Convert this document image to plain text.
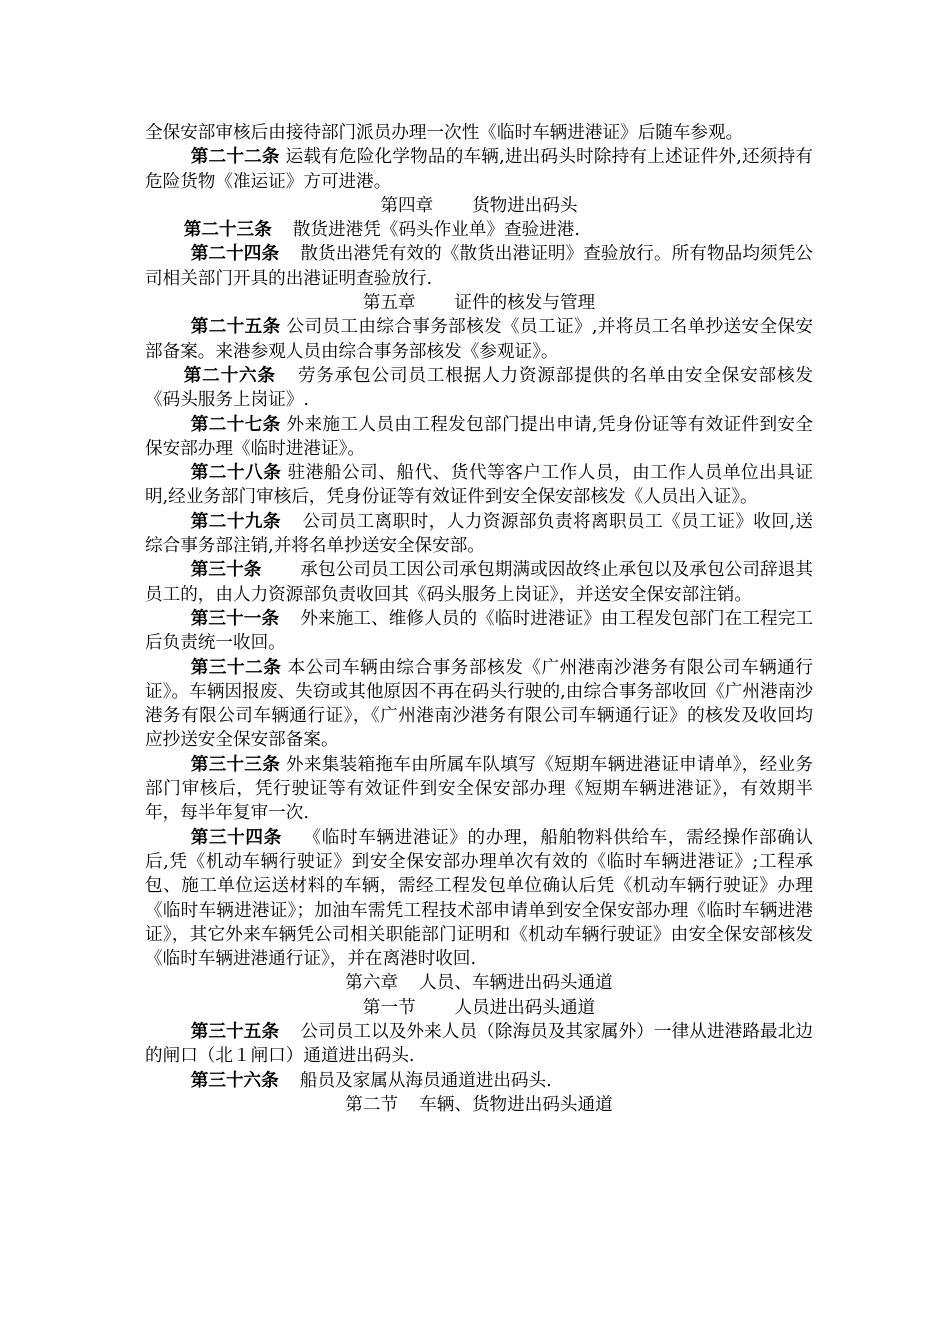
全保安部审核后由接待部门派员办理一次性《临时车辆进港证》后随车参观。

第二十二条 运载有危险化学物品的车辆,进出码头时除持有上述证件外,还须持有危险货物《准运证》方可进港。

第四章 货物进出码头

第二十三条 散货进港凭《码头作业单》查验进港.

第二十四条 散货出港凭有效的《散货出港证明》查验放行。所有物品均须凭公司相关部门开具的出港证明查验放行.

第五章 证件的核发与管理

第二十五条 公司员工由综合事务部核发《员工证》,并将员工名单抄送安全保安部备案。来港参观人员由综合事务部核发《参观证》。

第二十六条 劳务承包公司员工根据人力资源部提供的名单由安全保安部核发《码头服务上岗证》.

第二十七条 外来施工人员由工程发包部门提出申请,凭身份证等有效证件到安全保安部办理《临时进港证》。

第二十八条 驻港船公司、船代、货代等客户工作人员，由工作人员单位出具证明,经业务部门审核后，凭身份证等有效证件到安全保安部核发《人员出入证》。

第二十九条 公司员工离职时，人力资源部负责将离职员工《员工证》收回,送综合事务部注销,并将名单抄送安全保安部。

第三十条 承包公司员工因公司承包期满或因故终止承包以及承包公司辞退其员工的，由人力资源部负责收回其《码头服务上岗证》，并送安全保安部注销。

第三十一条 外来施工、维修人员的《临时进港证》由工程发包部门在工程完工后负责统一收回。

第三十二条 本公司车辆由综合事务部核发《广州港南沙港务有限公司车辆通行证》。车辆因报废、失窃或其他原因不再在码头行驶的,由综合事务部收回《广州港南沙港务有限公司车辆通行证》，《广州港南沙港务有限公司车辆通行证》的核发及收回均应抄送安全保安部备案。

第三十三条 外来集装箱拖车由所属车队填写《短期车辆进港证申请单》，经业务部门审核后，凭行驶证等有效证件到安全保安部办理《短期车辆进港证》，有效期半年，每半年复审一次.

第三十四条 《临时车辆进港证》的办理，船舶物料供给车，需经操作部确认后,凭《机动车辆行驶证》到安全保安部办理单次有效的《临时车辆进港证》;工程承包、施工单位运送材料的车辆，需经工程发包单位确认后凭《机动车辆行驶证》办理《临时车辆进港证》；加油车需凭工程技术部申请单到安全保安部办理《临时车辆进港证》，其它外来车辆凭公司相关职能部门证明和《机动车辆行驶证》由安全保安部核发《临时车辆进港通行证》，并在离港时收回.

第六章 人员、车辆进出码头通道

第一节 人员进出码头通道

第三十五条 公司员工以及外来人员（除海员及其家属外）一律从进港路最北边的闸口（北１闸口）通道进出码头.

第三十六条 船员及家属从海员通道进出码头.

第二节 车辆、货物进出码头通道
